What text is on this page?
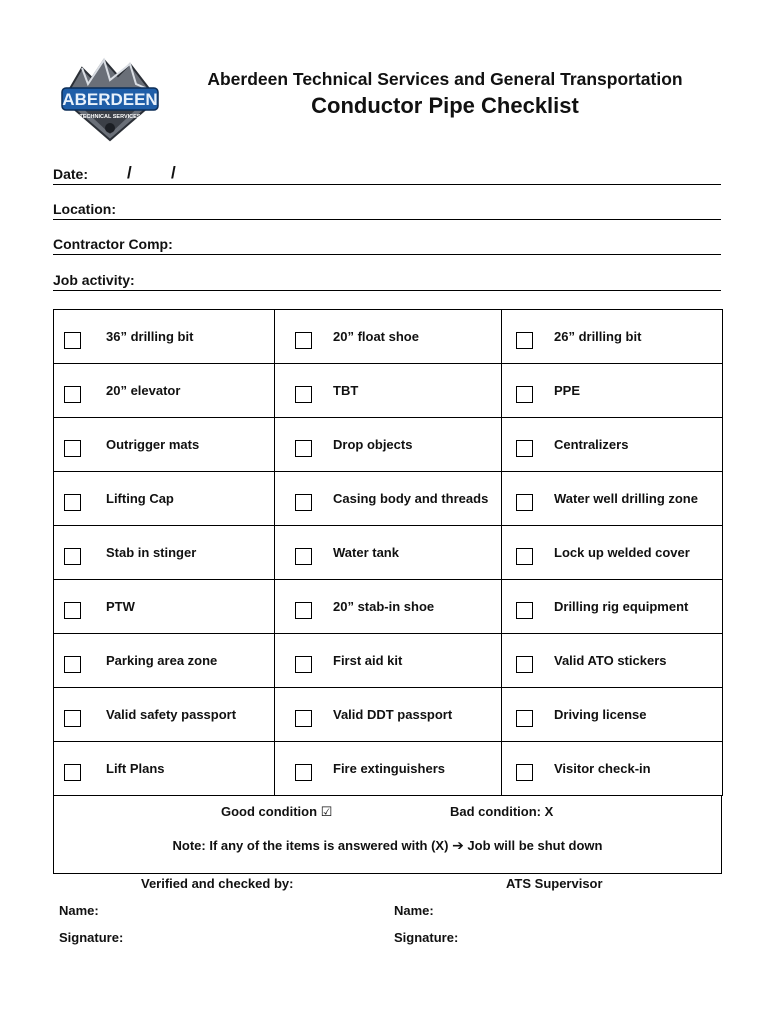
ABERDEEN
TECHNICAL SERVICES
Aberdeen Technical Services and General Transportation
Conductor Pipe Checklist
Date: / /
Location:
Contractor Comp:
Job activity:
36” drilling bit	20” float shoe	26” drilling bit

20” elevator	TBT	PPE

Outrigger mats	Drop objects	Centralizers

Lifting Cap	Casing body and threads	Water well drilling zone

Stab in stinger	Water tank	Lock up welded cover

PTW	20” stab-in shoe	Drilling rig equipment

Parking area zone	First aid kit	Valid ATO stickers

Valid safety passport	Valid DDT passport	Driving license

Lift Plans	Fire extinguishers	Visitor check-in
Good condition ☑	Bad condition: X
Note: If any of the items is answered with (X) ➔ Job will be shut down
Verified and checked by:	ATS Supervisor
Name:	Name:
Signature:	Signature:
